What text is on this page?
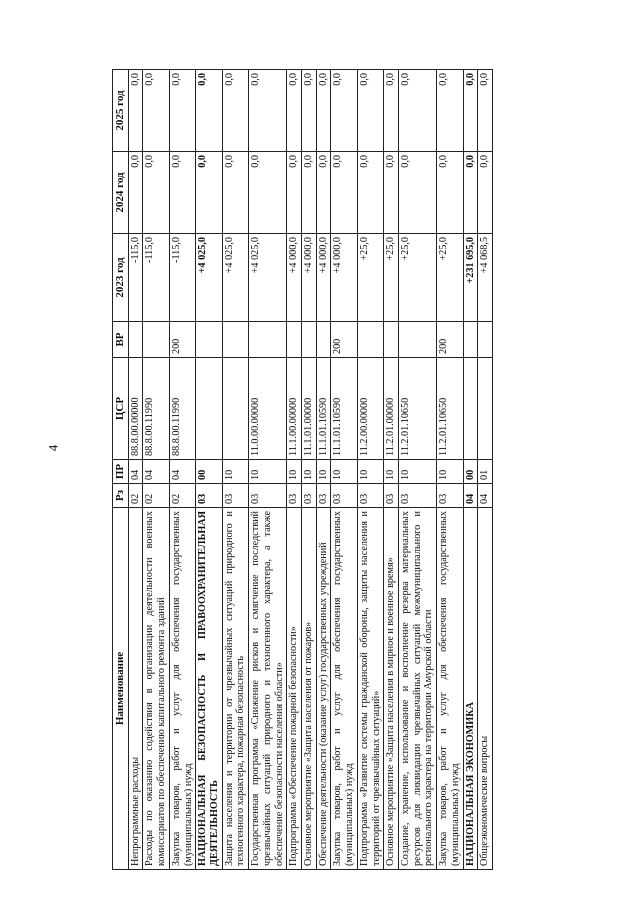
4
Наименование	Рз	ПР	ЦСР	ВР	2023 год	2024 год	2025 год
Непрограммные расходы	02	04	88.8.00.00000		-115,0	0,0	0,0
Расходы по оказанию содействия в организации деятельности военных комиссариатов по обеспечению капитального ремонта зданий	02	04	88.8.00.11990		-115,0	0,0	0,0
Закупка товаров, работ и услуг для обеспечения государственных (муниципальных) нужд	02	04	88.8.00.11990	200	-115,0	0,0	0,0
НАЦИОНАЛЬНАЯ БЕЗОПАСНОСТЬ И ПРАВООХРАНИТЕЛЬНАЯ ДЕЯТЕЛЬНОСТЬ	03	00			+4 025,0	0,0	0,0
Защита населения и территории от чрезвычайных ситуаций природного и техногенного характера, пожарная безопасность	03	10			+4 025,0	0,0	0,0
Государственная программа «Снижение рисков и смягчение последствий чрезвычайных ситуаций природного и техногенного характера, а также обеспечение безопасности населения области»	03	10	11.0.00.00000		+4 025,0	0,0	0,0
Подпрограмма «Обеспечение пожарной безопасности»	03	10	11.1.00.00000		+4 000,0	0,0	0,0
Основное мероприятие «Защита населения от пожаров»	03	10	11.1.01.00000		+4 000,0	0,0	0,0
Обеспечение деятельности (оказание услуг) государственных учреждений	03	10	11.1.01.10590		+4 000,0	0,0	0,0
Закупка товаров, работ и услуг для обеспечения государственных (муниципальных) нужд	03	10	11.1.01.10590	200	+4 000,0	0,0	0,0
Подпрограмма «Развитие системы гражданской обороны, защиты населения и территорий от чрезвычайных ситуаций»	03	10	11.2.00.00000		+25,0	0,0	0,0
Основное мероприятие «Защита населения в мирное и военное время»	03	10	11.2.01.00000		+25,0	0,0	0,0
Создание, хранение, использование и восполнение резерва материальных ресурсов для ликвидации чрезвычайных ситуаций межмуниципального и регионального характера на территории Амурской области	03	10	11.2.01.10650		+25,0	0,0	0,0
Закупка товаров, работ и услуг для обеспечения государственных (муниципальных) нужд	03	10	11.2.01.10650	200	+25,0	0,0	0,0
НАЦИОНАЛЬНАЯ ЭКОНОМИКА	04	00			+231 695,0	0,0	0,0
Общеэкономические вопросы	04	01			+4 068,5	0,0	0,0
